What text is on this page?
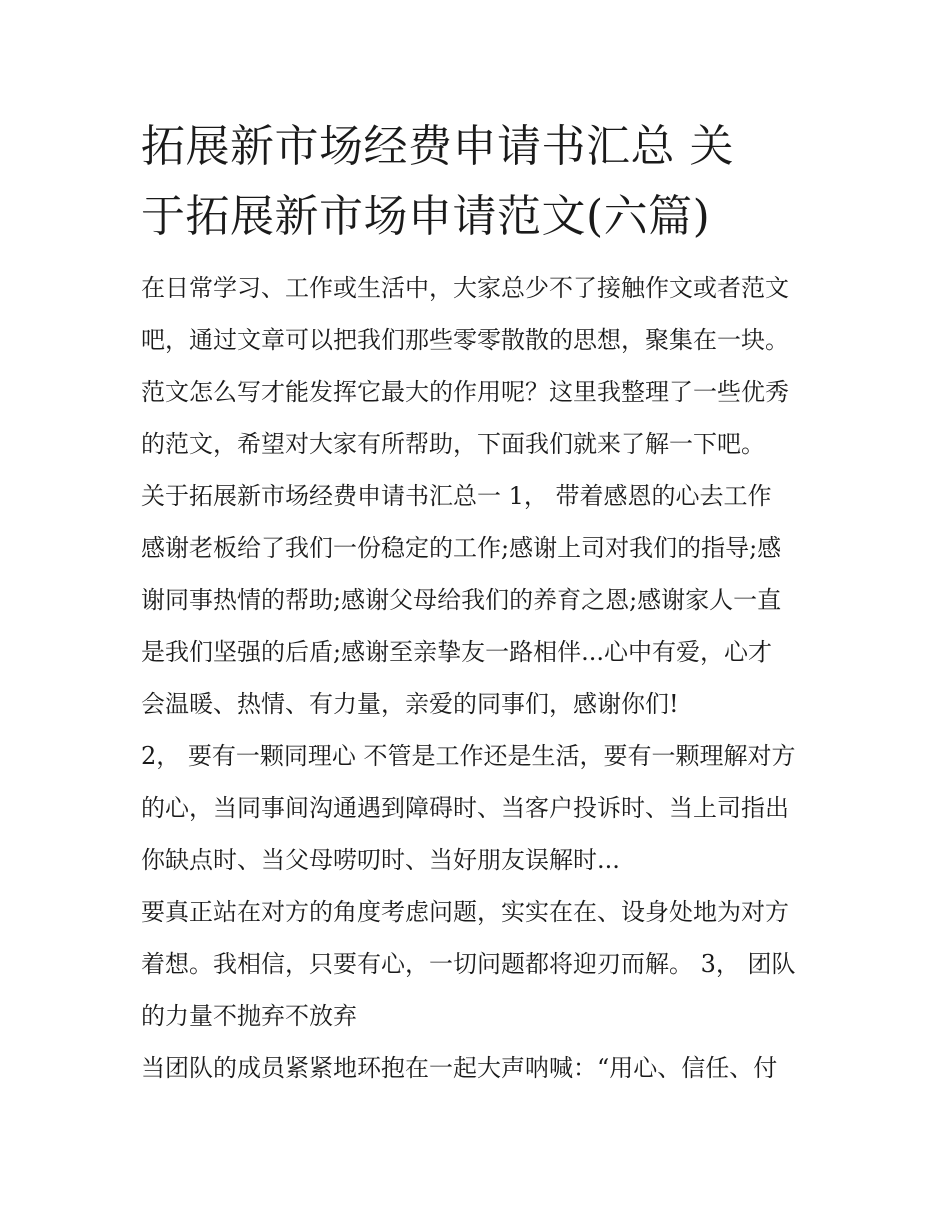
拓展新市场经费申请书汇总 关
于拓展新市场申请范文(六篇)
在日常学习、工作或生活中，大家总少不了接触作文或者范文
吧，通过文章可以把我们那些零零散散的思想，聚集在一块。
范文怎么写才能发挥它最大的作用呢？这里我整理了一些优秀
的范文，希望对大家有所帮助，下面我们就来了解一下吧。
关于拓展新市场经费申请书汇总一 1， 带着感恩的心去工作
感谢老板给了我们一份稳定的工作;感谢上司对我们的指导;感
谢同事热情的帮助;感谢父母给我们的养育之恩;感谢家人一直
是我们坚强的后盾;感谢至亲挚友一路相伴...心中有爱，心才
会温暖、热情、有力量，亲爱的同事们，感谢你们!
2， 要有一颗同理心 不管是工作还是生活，要有一颗理解对方
的心，当同事间沟通遇到障碍时、当客户投诉时、当上司指出
你缺点时、当父母唠叨时、当好朋友误解时...
要真正站在对方的角度考虑问题，实实在在、设身处地为对方
着想。我相信，只要有心，一切问题都将迎刃而解。 3， 团队
的力量不抛弃不放弃
当团队的成员紧紧地环抱在一起大声呐喊：“用心、信任、付
